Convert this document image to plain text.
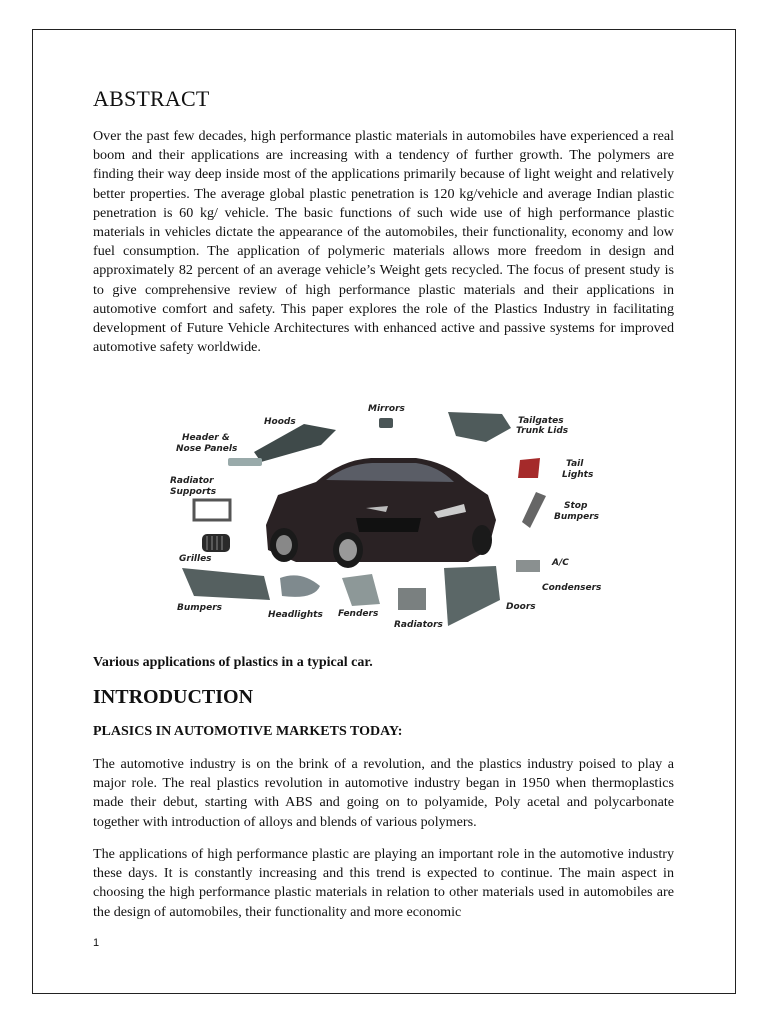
ABSTRACT

Over the past few decades, high performance plastic materials in automobiles have experienced a real boom and their applications are increasing with a tendency of further growth. The polymers are finding their way deep inside most of the applications primarily because of light weight and relatively better properties. The average global plastic penetration is 120 kg/vehicle and average Indian plastic penetration is 60 kg/ vehicle. The basic functions of such wide use of high performance plastic materials in vehicles dictate the appearance of the automobiles, their functionality, economy and low fuel consumption. The application of polymeric materials allows more freedom in design and approximately 82 percent of an average vehicle’s Weight gets recycled. The focus of present study is to give comprehensive review of high performance plastic materials and their applications in automotive comfort and safety. This paper explores the role of the Plastics Industry in facilitating development of Future Vehicle Architectures with enhanced active and passive systems for improved automotive safety worldwide.

Hoods
Mirrors
Tailgates
Trunk Lids
Header &
Nose Panels
Tail
Lights
Radiator
Supports
Stop
Bumpers
Grilles	A/C
Condensers
Bumpers
Headlights Fenders
Radiators
Doors

Various applications of plastics in a typical car.

INTRODUCTION
PLASICS IN AUTOMOTIVE MARKETS TODAY:

The automotive industry is on the brink of a revolution, and the plastics industry poised to play a major role. The real plastics revolution in automotive industry began in 1950 when thermoplastics made their debut, starting with ABS and going on to polyamide, Poly acetal and polycarbonate together with introduction of alloys and blends of various polymers.

The applications of high performance plastic are playing an important role in the automotive industry these days. It is constantly increasing and this trend is expected to continue. The main aspect in choosing the high performance plastic materials in relation to other materials used in automobiles are the design of automobiles, their functionality and more economic

1
